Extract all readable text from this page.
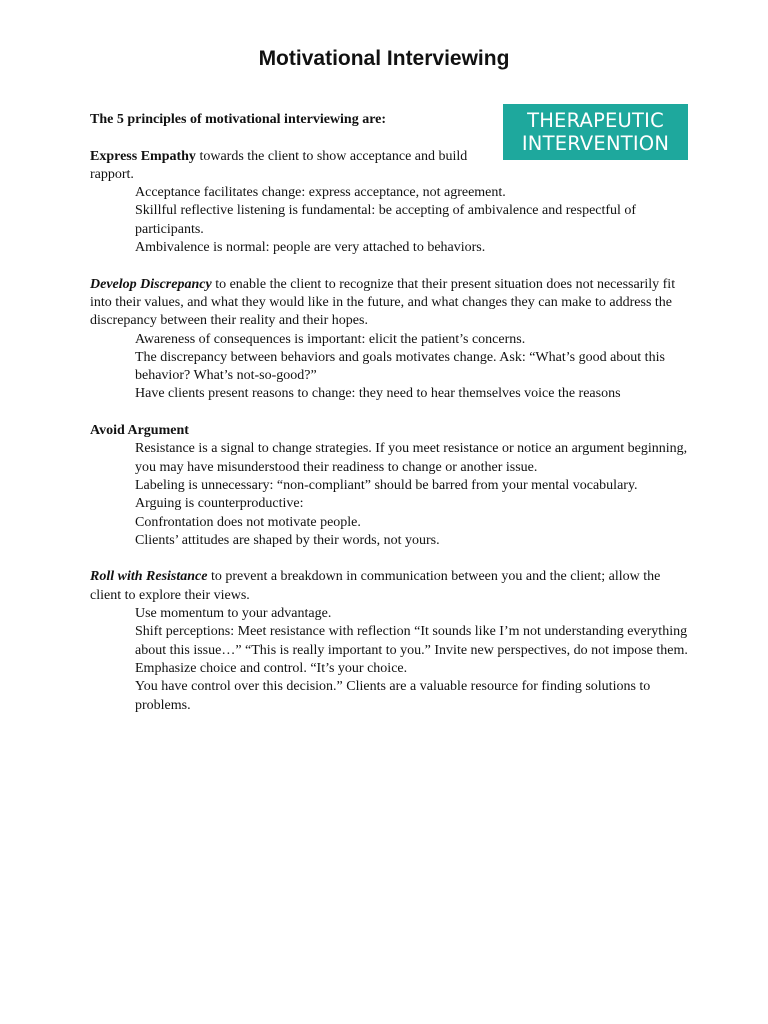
Motivational Interviewing
THERAPEUTIC
INTERVENTION

The 5 principles of motivational interviewing are:

Express Empathy towards the client to show acceptance and build rapport.

Acceptance facilitates change: express acceptance, not agreement.

Skillful reflective listening is fundamental: be accepting of ambivalence and respectful of participants.

Ambivalence is normal: people are very attached to behaviors.

Develop Discrepancy to enable the client to recognize that their present situation does not necessarily fit into their values, and what they would like in the future, and what changes they can make to address the discrepancy between their reality and their hopes.

Awareness of consequences is important: elicit the patient’s concerns.

The discrepancy between behaviors and goals motivates change. Ask: “What’s good about this behavior? What’s not-so-good?”

Have clients present reasons to change: they need to hear themselves voice the reasons

Avoid Argument

Resistance is a signal to change strategies. If you meet resistance or notice an argument beginning, you may have misunderstood their readiness to change or another issue.

Labeling is unnecessary: “non-compliant” should be barred from your mental vocabulary.

Arguing is counterproductive:

Confrontation does not motivate people.

Clients’ attitudes are shaped by their words, not yours.

Roll with Resistance to prevent a breakdown in communication between you and the client; allow the client to explore their views.

Use momentum to your advantage.

Shift perceptions: Meet resistance with reflection “It sounds like I’m not understanding everything about this issue…” “This is really important to you.” Invite new perspectives, do not impose them.

Emphasize choice and control. “It’s your choice.

You have control over this decision.” Clients are a valuable resource for finding solutions to problems.
